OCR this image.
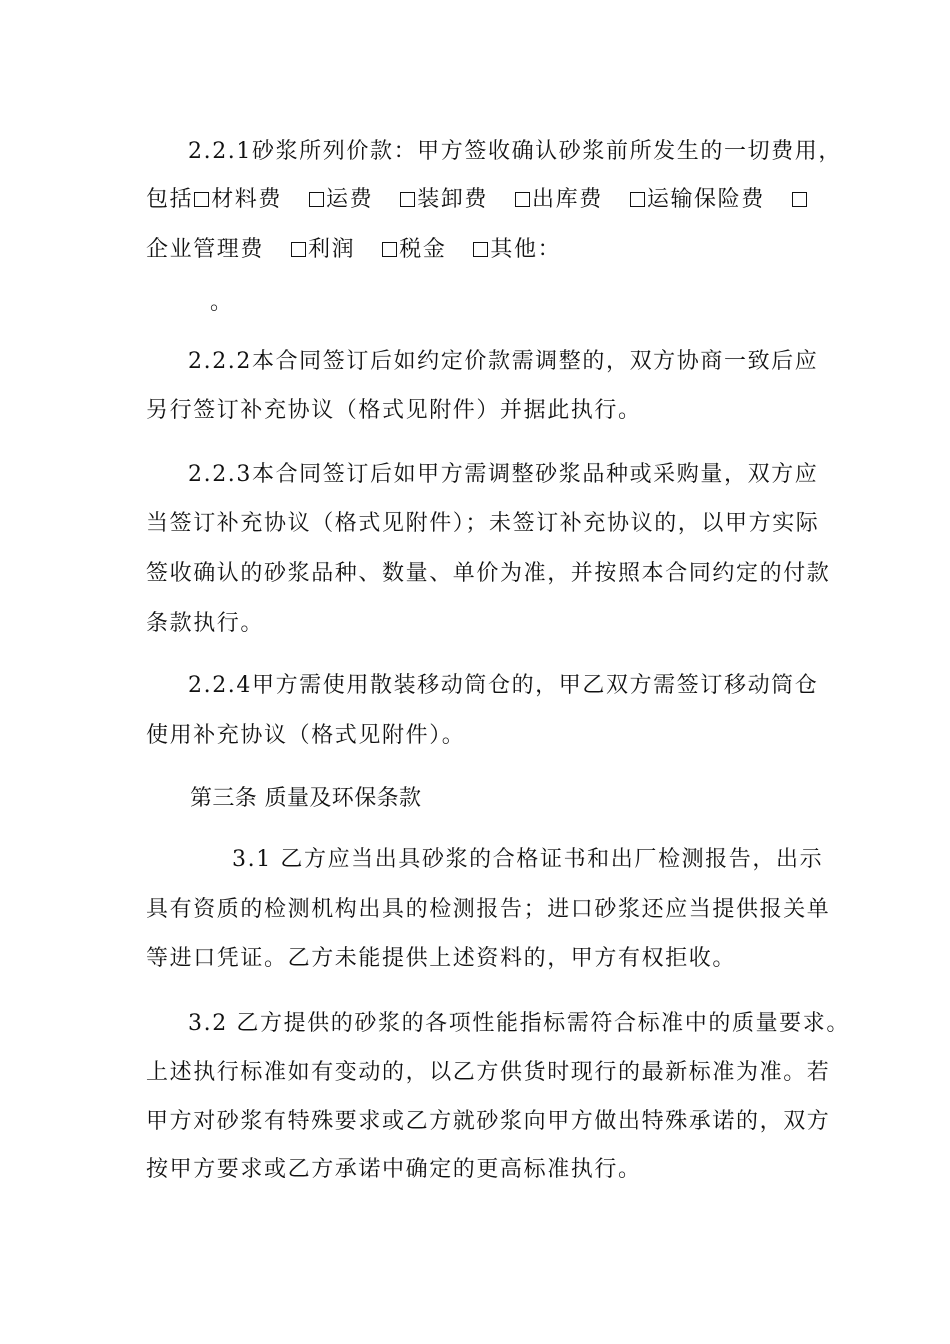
2.2.1砂浆所列价款：甲方签收确认砂浆前所发生的一切费用，
包括 材料费 运费 装卸费 出库费 运输保险费
企业管理费 利润 税金 其他：
。
2.2.2本合同签订后如约定价款需调整的，双方协商一致后应
另行签订补充协议（格式见附件）并据此执行。
2.2.3本合同签订后如甲方需调整砂浆品种或采购量，双方应
当签订补充协议（格式见附件）；未签订补充协议的，以甲方实际
签收确认的砂浆品种、数量、单价为准，并按照本合同约定的付款
条款执行。
2.2.4甲方需使用散装移动筒仓的，甲乙双方需签订移动筒仓
使用补充协议（格式见附件）。
第三条 质量及环保条款
3.1 乙方应当出具砂浆的合格证书和出厂检测报告，出示
具有资质的检测机构出具的检测报告；进口砂浆还应当提供报关单
等进口凭证。乙方未能提供上述资料的，甲方有权拒收。
3.2 乙方提供的砂浆的各项性能指标需符合标准中的质量要求。
上述执行标准如有变动的，以乙方供货时现行的最新标准为准。若
甲方对砂浆有特殊要求或乙方就砂浆向甲方做出特殊承诺的，双方
按甲方要求或乙方承诺中确定的更高标准执行。
